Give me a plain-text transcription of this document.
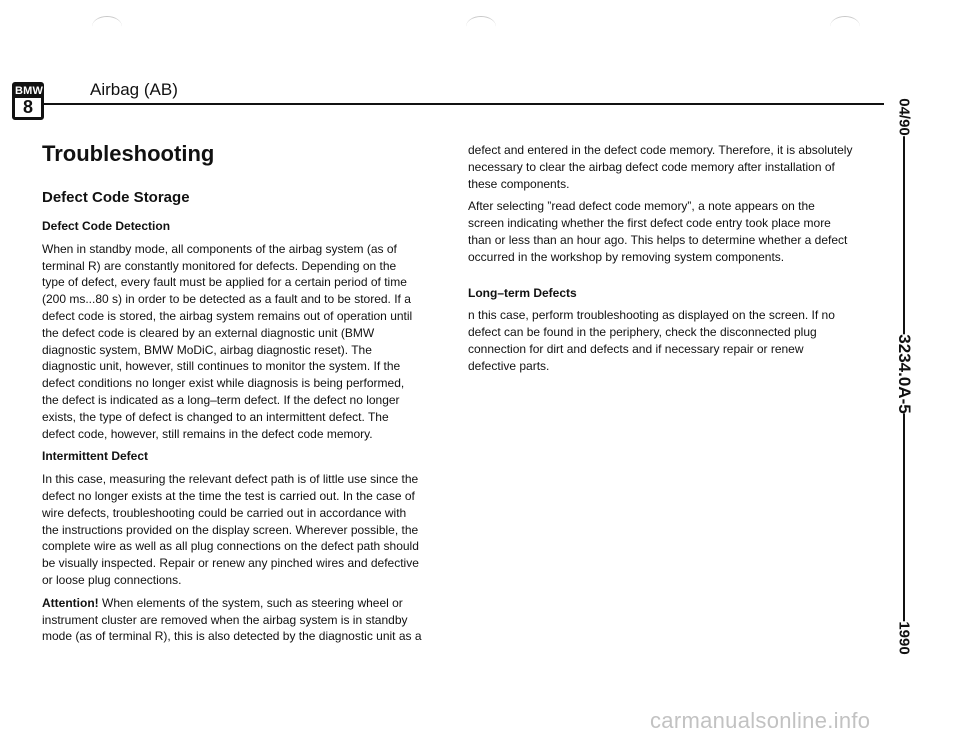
BMW
8
Airbag (AB)
Troubleshooting
Defect Code Storage
Defect Code Detection

When in standby mode, all components of the airbag system (as of terminal R) are constantly monitored for defects. Depending on the type of defect, every fault must be applied for a certain period of time (200 ms...80 s) in order to be detected as a fault and to be stored. If a defect code is stored, the airbag system remains out of operation until the defect code is cleared by an external diagnostic unit (BMW diagnostic system, BMW MoDiC, airbag diagnostic reset). The diagnostic unit, however, still continues to monitor the system. If the defect conditions no longer exist while diagnosis is being performed, the defect is indicated as a long–term defect. If the defect no longer exists, the type of defect is changed to an intermittent defect. The defect code, however, still remains in the defect code memory.

Intermittent Defect

In this case, measuring the relevant defect path is of little use since the defect no longer exists at the time the test is carried out. In the case of wire defects, troubleshooting could be carried out in accordance with the instructions provided on the display screen. Wherever possible, the complete wire as well as all plug connections on the defect path should be visually inspected. Repair or renew any pinched wires and defective or loose plug connections.

Attention! When elements of the system, such as steering wheel or instrument cluster are removed when the airbag system is in standby mode (as of terminal R), this is also detected by the diagnostic unit as a

defect and entered in the defect code memory. Therefore, it is absolutely necessary to clear the airbag defect code memory after installation of these components.

After selecting ”read defect code memory”, a note appears on the screen indicating whether the first defect code entry took place more than or less than an hour ago. This helps to determine whether a defect occurred in the workshop by removing system components.

Long–term Defects

n this case, perform troubleshooting as displayed on the screen. If no defect can be found in the periphery, check the disconnected plug connection for dirt and defects and if necessary repair or renew defective parts.

04/90
3234.0A-5
1990
carmanualsonline.info
